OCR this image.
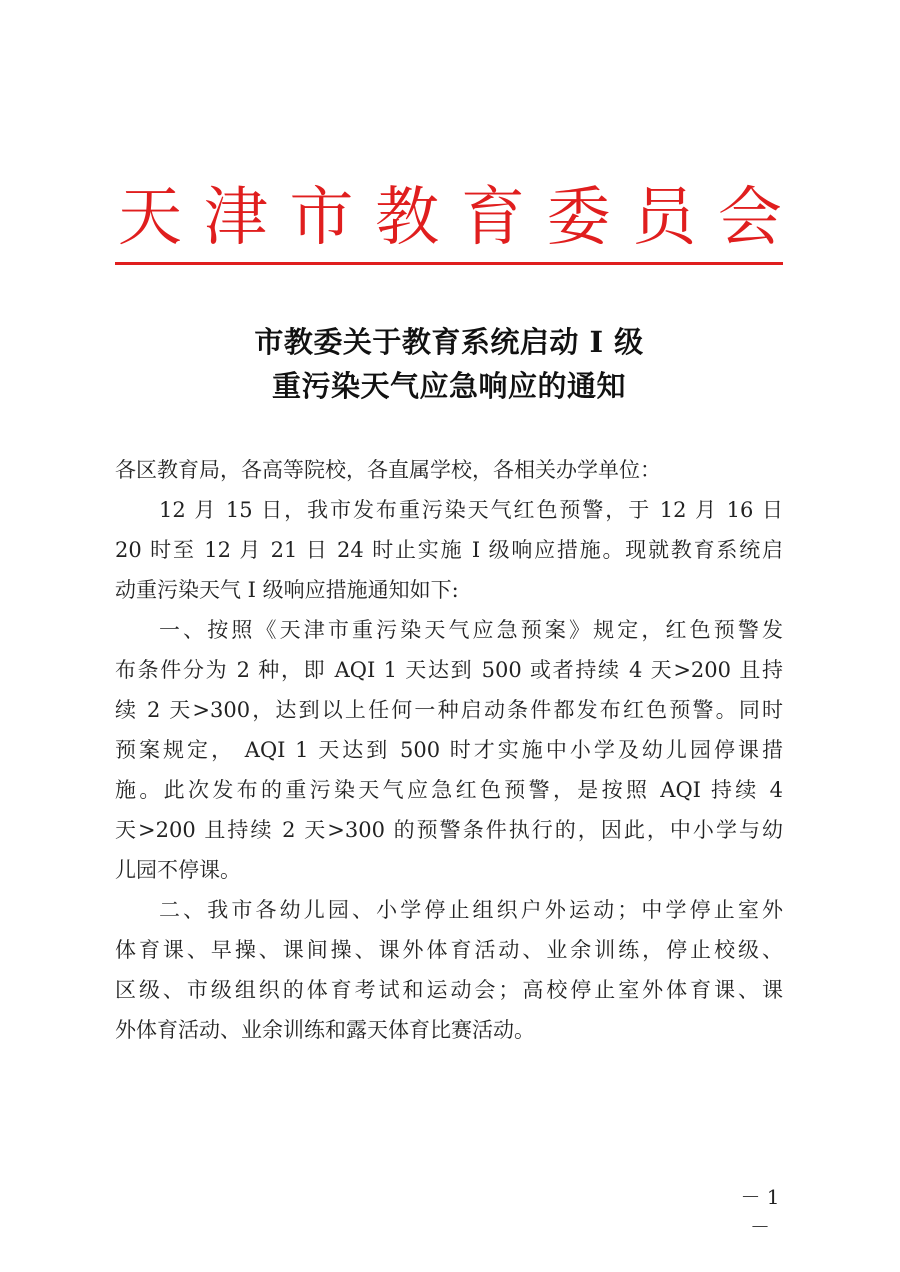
天 津 市 教 育 委 员 会
市教委关于教育系统启动 I 级
重污染天气应急响应的通知
各区教育局，各高等院校，各直属学校，各相关办学单位：
12 月 15 日，我市发布重污染天气红色预警，于 12 月 16 日
20 时至 12 月 21 日 24 时止实施 I 级响应措施。现就教育系统启
动重污染天气 I 级响应措施通知如下:
一、按照《天津市重污染天气应急预案》规定，红色预警发
布条件分为 2 种，即 AQI 1 天达到 500 或者持续 4 天>200 且持
续 2 天>300，达到以上任何一种启动条件都发布红色预警。同时
预案规定， AQI 1 天达到 500 时才实施中小学及幼儿园停课措
施。此次发布的重污染天气应急红色预警，是按照 AQI 持续 4
天>200 且持续 2 天>300 的预警条件执行的，因此，中小学与幼
儿园不停课。
二、我市各幼儿园、小学停止组织户外运动；中学停止室外
体育课、早操、课间操、课外体育活动、业余训练，停止校级、
区级、市级组织的体育考试和运动会；高校停止室外体育课、课
外体育活动、业余训练和露天体育比赛活动。
－ 1 －
